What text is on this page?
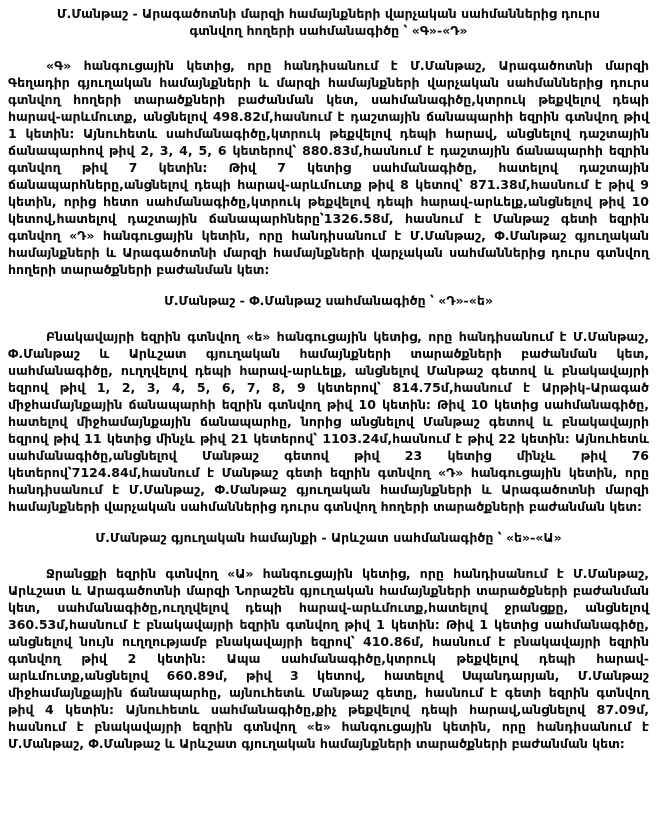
Մ.Մանթաշ - Արագածոտնի մարզի համայնքների վարչական սահմաններից դուրս
գտնվող հողերի սահմանագիծը ՝ «Գ»-«Դ»

«Գ» հանգուցային կետից, որը հանդիսանում է Մ.Մանթաշ, Արագածոտնի մարզի Գեղադիր գյուղական համայնքների և մարզի համայնքների վարչական սահմաններից դուրս գտնվող հողերի տարածքների բաժանման կետ, սահմանագիծը,կտրուկ թեքվելով դեպի հարավ-արևմուտք, անցնելով 498.82մ,հասնում է դաշտային ճանապարհի եզրին գտնվող թիվ 1 կետին: Այնուհետև սահմանագիծը,կտրուկ թեքվելով դեպի հարավ, անցնելով դաշտային ճանապարհով թիվ 2, 3, 4, 5, 6 կետերով՝ 880.83մ,հասնում է դաշտային ճանապարհի եզրին գտնվող թիվ 7 կետին: Թիվ 7 կետից սահմանագիծը, հատելով դաշտային ճանապարհները,անցնելով դեպի հարավ-արևմուտք թիվ 8 կետով՝ 871.38մ,հասնում է թիվ 9 կետին, որից հետո սահմանագիծը,կտրուկ թեքվելով դեպի հարավ-արևելք,անցնելով թիվ 10 կետով,հատելով դաշտային ճանապարհները՝1326.58մ, հասնում է Մանթաշ գետի եզրին գտնվող «Դ» հանգուցային կետին, որը հանդիսանում է Մ.Մանթաշ, Փ.Մանթաշ գյուղական համայնքների և Արագածոտնի մարզի համայնքների վարչական սահմաններից դուրս գտնվող հողերի տարածքների բաժանման կետ:

Մ.Մանթաշ - Փ.Մանթաշ սահմանագիծը ՝ «Դ»-«ե»

Բնակավայրի եզրին գտնվող «ե» հանգուցային կետից, որը հանդիսանում է Մ.Մանթաշ, Փ.Մանթաշ և Արևշատ գյուղական համայնքների տարածքների բաժանման կետ, սահմանագիծը, ուղղվելով դեպի հարավ-արևելք, անցնելով Մանթաշ գետով և բնակավայրի եզրով թիվ 1, 2, 3, 4, 5, 6, 7, 8, 9 կետերով՝ 814.75մ,հասնում է Արթիկ-Արագած միջհամայնքային ճանապարհի եզրին գտնվող թիվ 10 կետին: Թիվ 10 կետից սահմանագիծը, հատելով միջհամայնքային ճանապարհը, նորից անցնելով Մանթաշ գետով և բնակավայրի եզրով թիվ 11 կետից մինչև թիվ 21 կետերով՝ 1103.24մ,հասնում է թիվ 22 կետին: Այնուհետև սահմանագիծը,անցնելով Մանթաշ գետով թիվ 23 կետից մինչև թիվ 76 կետերով՝7124.84մ,հասնում է Մանթաշ գետի եզրին գտնվող «Դ» հանգուցային կետին, որը հանդիսանում է Մ.Մանթաշ, Փ.Մանթաշ գյուղական համայնքների և Արագածոտնի մարզի համայնքների վարչական սահմաններից դուրս գտնվող հողերի տարածքների բաժանման կետ:

Մ.Մանթաշ գյուղական համայնքի - Արևշատ սահմանագիծը ՝ «ե»-«Ա»

Ջրանցքի եզրին գտնվող «Ա» հանգուցային կետից, որը հանդիսանում է Մ.Մանթաշ, Արևշատ և Արագածոտնի մարզի Նորաշեն գյուղական համայնքների տարածքների բաժանման կետ, սահմանագիծը,ուղղվելով դեպի հարավ-արևմուտք,հատելով ջրանցքը, անցնելով 360.53մ,հասնում է բնակավայրի եզրին գտնվող թիվ 1 կետին: Թիվ 1 կետից սահմանագիծը, անցնելով նույն ուղղությամբ բնակավայրի եզրով՝ 410.86մ, հասնում է բնակավայրի եզրին գտնվող թիվ 2 կետին: Ապա սահմանագիծը,կտրուկ թեքվելով դեպի հարավ-արևմուտք,անցնելով 660.89մ, թիվ 3 կետով, հատելով Սպանդարյան, Մ.Մանթաշ միջհամայնքային ճանապարհը, այնուհետև Մանթաշ գետը, հասնում է գետի եզրին գտնվող թիվ 4 կետին: Այնուհետև սահմանագիծը,քիչ թեքվելով դեպի հարավ,անցնելով 87.09մ, հասնում է բնակավայրի եզրին գտնվող «ե» հանգուցային կետին, որը հանդիսանում է Մ.Մանթաշ, Փ.Մանթաշ և Արևշատ գյուղական համայնքների տարածքների բաժանման կետ:
